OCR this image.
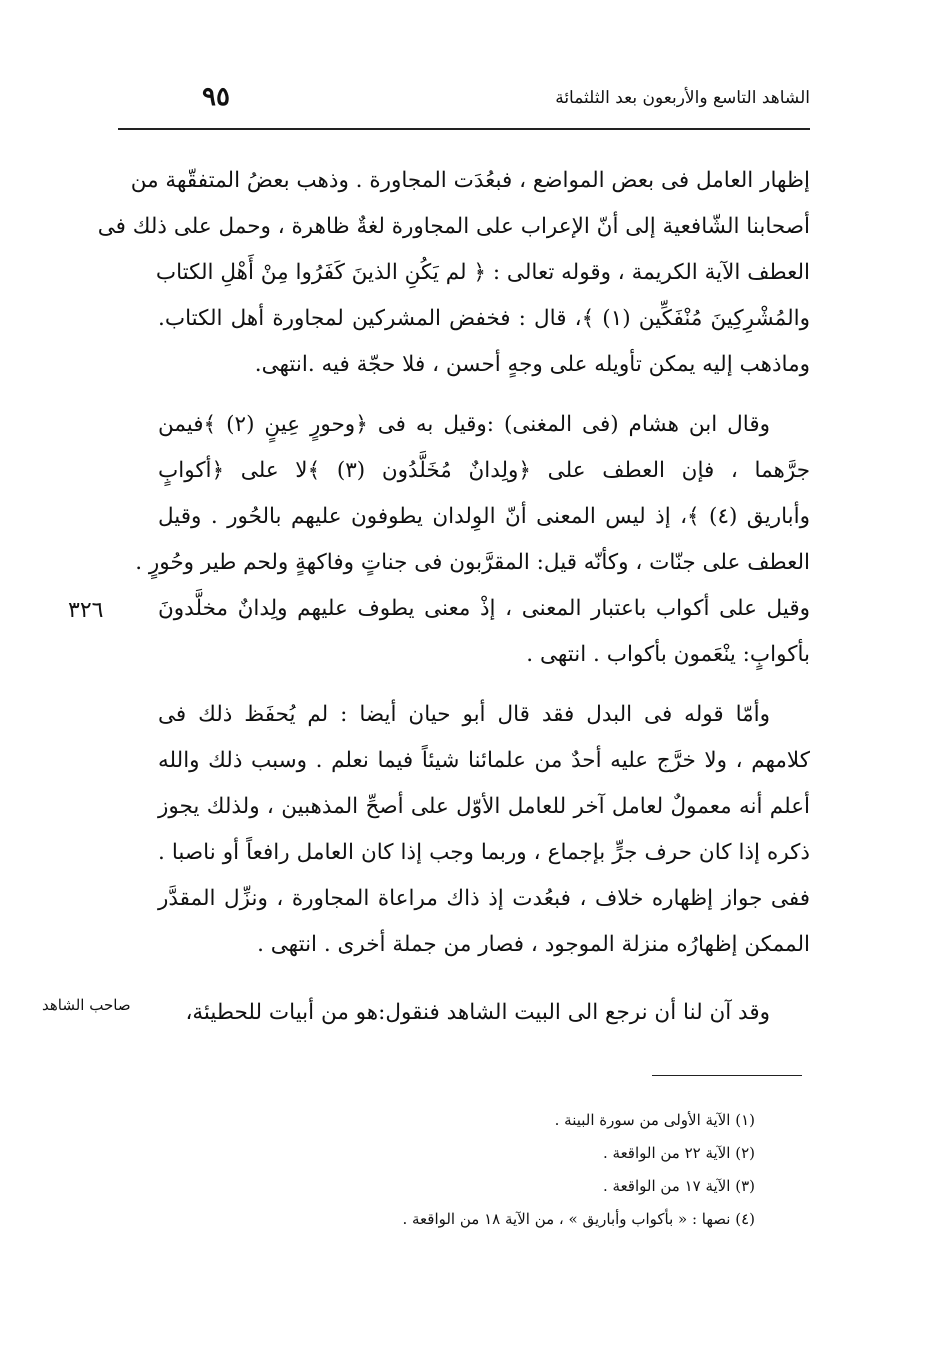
الشاهد التاسع والأربعون بعد الثلثمائة
٩٥
إظهار العامل فى بعض المواضع ، فبعُدَت المجاورة . وذهب بعضُ المتفقّهة من
أصحابنا الشّافعية إلى أنّ الإعراب على المجاورة لغةٌ ظاهرة ، وحمل على ذلك فى
العطف الآية الكريمة ، وقوله تعالى : ﴿ لم يَكُنِ الذينَ كَفَرُوا مِنْ أَهْلِ الكتاب
والمُشْرِكِينَ مُنْفَكِّين (١) ﴾، قال : فخفض المشركين لمجاورة أهل الكتاب.
وماذهب إليه يمكن تأويله على وجهٍ أحسن ، فلا حجّة فيه .انتهى.
وقال ابن هشام (فى المغنى) :وقيل به فى ﴿وحورٍ عِينٍ (٢) ﴾فيمن
جرَّهما ، فإن العطف على ﴿ولِدانٌ مُخَلَّدُون (٣) ﴾لا على ﴿أكوابٍ
وأباريق (٤) ﴾، إذ ليس المعنى أنّ الوِلدان يطوفون عليهم بالحُور . وقيل
العطف على جنّات ، وكأنّه قيل: المقرَّبون فى جناتٍ وفاكهةٍ ولحم طير وحُورٍ .
وقيل على أكواب باعتبار المعنى ، إذْ معنى يطوف عليهم ولِدانٌ مخلَّدونَ
بأكوابٍ: ينْعَمون بأكواب . انتهى .
وأمّا قوله فى البدل فقد قال أبو حيان أيضا : لم يُحفَظ ذلك فى
كلامهم ، ولا خرَّج عليه أحدٌ من علمائنا شيئاً فيما نعلم . وسبب ذلك والله
أعلم أنه معمولٌ لعامل آخر للعامل الأوّل على أصحِّ المذهبين ، ولذلك يجوز
ذكره إذا كان حرف جرٍّ بإجماع ، وربما وجب إذا كان العامل رافعاً أو ناصبا .
ففى جواز إظهاره خلاف ، فبعُدت إذ ذاك مراعاة المجاورة ، ونزِّل المقدَّر
الممكن إظهارُه منزلة الموجود ، فصار من جملة أخرى . انتهى .
وقد آن لنا أن نرجع الى البيت الشاهد فنقول:هو من أبيات للحطيئة،
٣٢٦
صاحب الشاهد
(١) الآية الأولى من سورة البينة .
(٢) الآية ٢٢ من الواقعة .
(٣) الآية ١٧ من الواقعة .
(٤) نصها : « بأكواب وأباريق » ، من الآية ١٨ من الواقعة .
